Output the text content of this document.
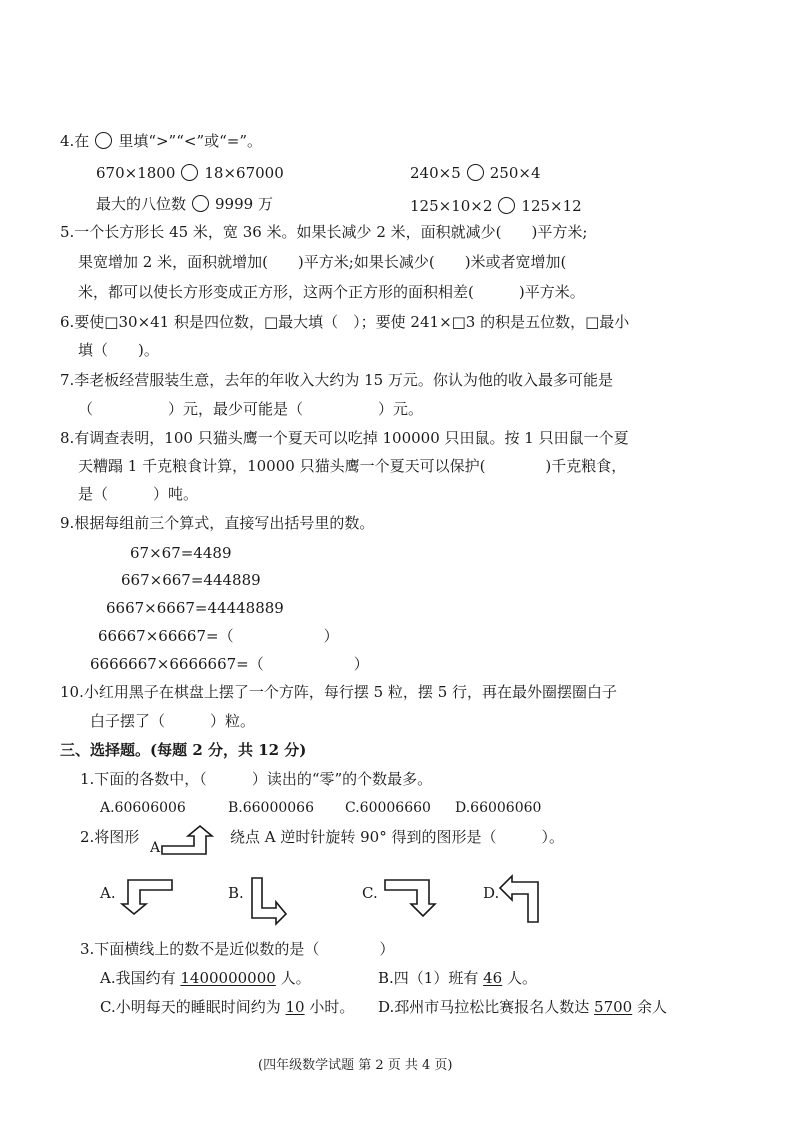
4.在 里填“>”“<”或“=”。
670×1800 18×67000	240×5 250×4
最大的八位数 9999 万	125×10×2 125×12
5.一个长方形长 45 米，宽 36 米。如果长减少 2 米，面积就减少(　　)平方米;
果宽增加 2 米，面积就增加(　　)平方米;如果长减少(　　)米或者宽增加(
米，都可以使长方形变成正方形，这两个正方形的面积相差(　　　)平方米。
6.要使□30×41 积是四位数，□最大填（　）；要使 241×□3 的积是五位数，□最小
填（　　)。
7.李老板经营服装生意，去年的年收入大约为 15 万元。你认为他的收入最多可能是
（　　　　　）元，最少可能是（　　　　　）元。
8.有调查表明，100 只猫头鹰一个夏天可以吃掉 100000 只田鼠。按 1 只田鼠一个夏
天糟蹋 1 千克粮食计算，10000 只猫头鹰一个夏天可以保护(　　　　)千克粮食，
是（　　　）吨。
9.根据每组前三个算式，直接写出括号里的数。
67×67=4489
667×667=444889
6667×6667=44448889
66667×66667=（　　　　　　）
6666667×6666667=（　　　　　　）
10.小红用黑子在棋盘上摆了一个方阵，每行摆 5 粒，摆 5 行，再在最外圈摆圈白子
白子摆了（　　　）粒。
三、选择题。(每题 2 分，共 12 分)
1.下面的各数中，（　　　）读出的“零”的个数最多。
A.60606006	B.66000066 C.60006660 D.66006060
2.将图形
A
绕点 A 逆时针旋转 90° 得到的图形是（　　　）。
A.	B.	C.	D.
3.下面横线上的数不是近似数的是（　　　　）
A.我国约有 1400000000 人。	B.四（1）班有 46 人。
C.小明每天的睡眠时间约为 10 小时。 D.邳州市马拉松比赛报名人数达 5700 余人
(四年级数学试题 第 2 页 共 4 页)
